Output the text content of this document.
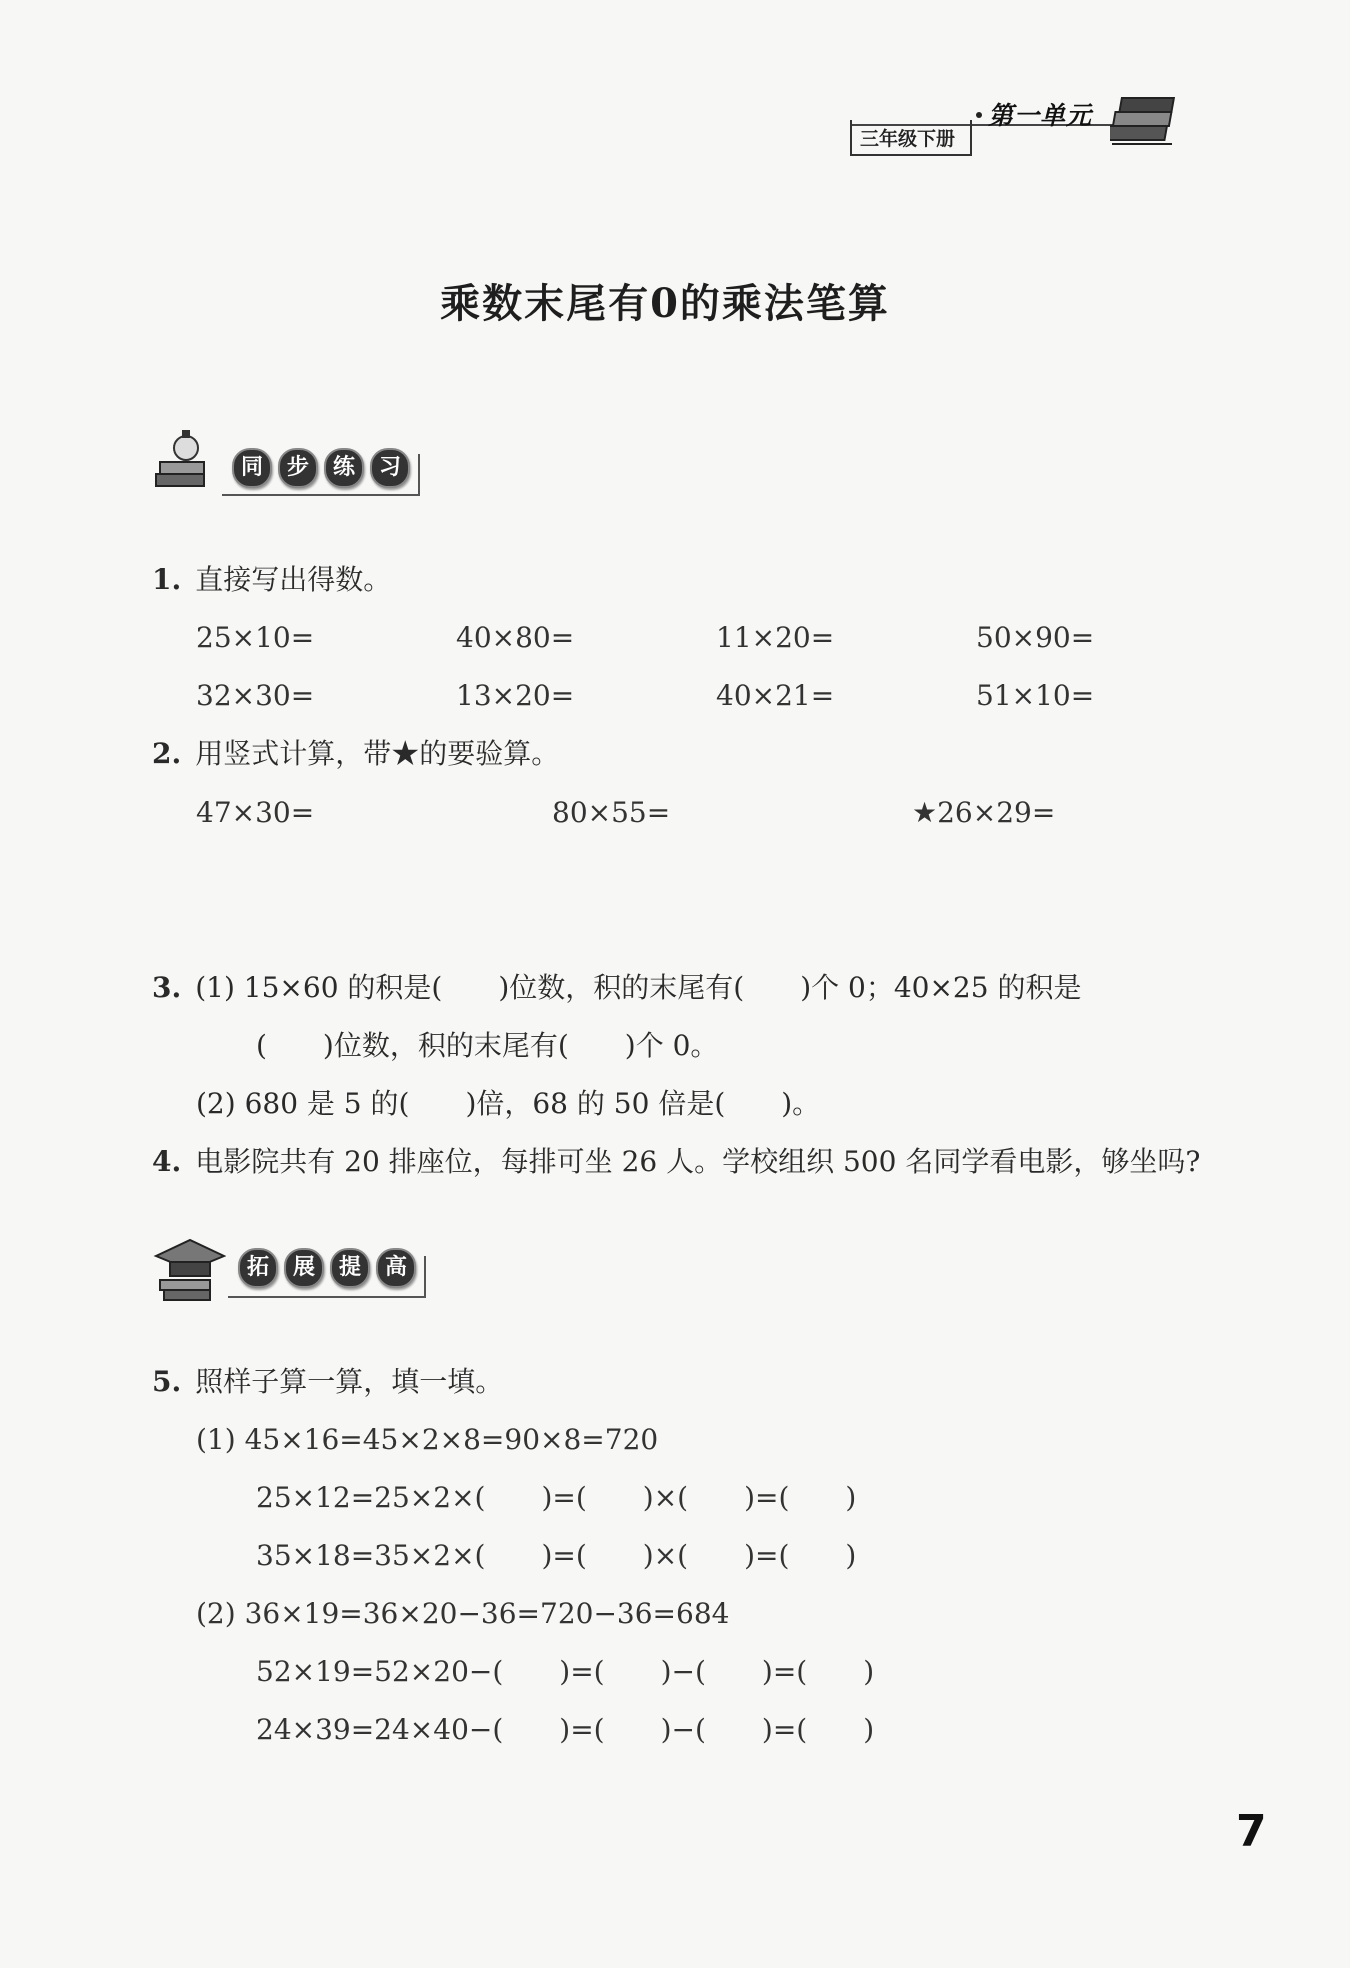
三年级下册
第一单元
乘数末尾有0的乘法笔算
同	步	练	习
1. 直接写出得数。
25×10=	40×80=	11×20=	50×90=
32×30=	13×20=	40×21=	51×10=
2. 用竖式计算，带★的要验算。
47×30=	80×55=	★26×29=
3. (1) 15×60 的积是(　　)位数，积的末尾有(　　)个 0；40×25 的积是
(　　)位数，积的末尾有(　　)个 0。
(2) 680 是 5 的(　　)倍，68 的 50 倍是(　　)。
4. 电影院共有 20 排座位，每排可坐 26 人。学校组织 500 名同学看电影，够坐吗?
拓	展	提	高
5. 照样子算一算，填一填。
(1) 45×16=45×2×8=90×8=720
25×12=25×2×(　　)=(　　)×(　　)=(　　)
35×18=35×2×(　　)=(　　)×(　　)=(　　)
(2) 36×19=36×20−36=720−36=684
52×19=52×20−(　　)=(　　)−(　　)=(　　)
24×39=24×40−(　　)=(　　)−(　　)=(　　)
7
